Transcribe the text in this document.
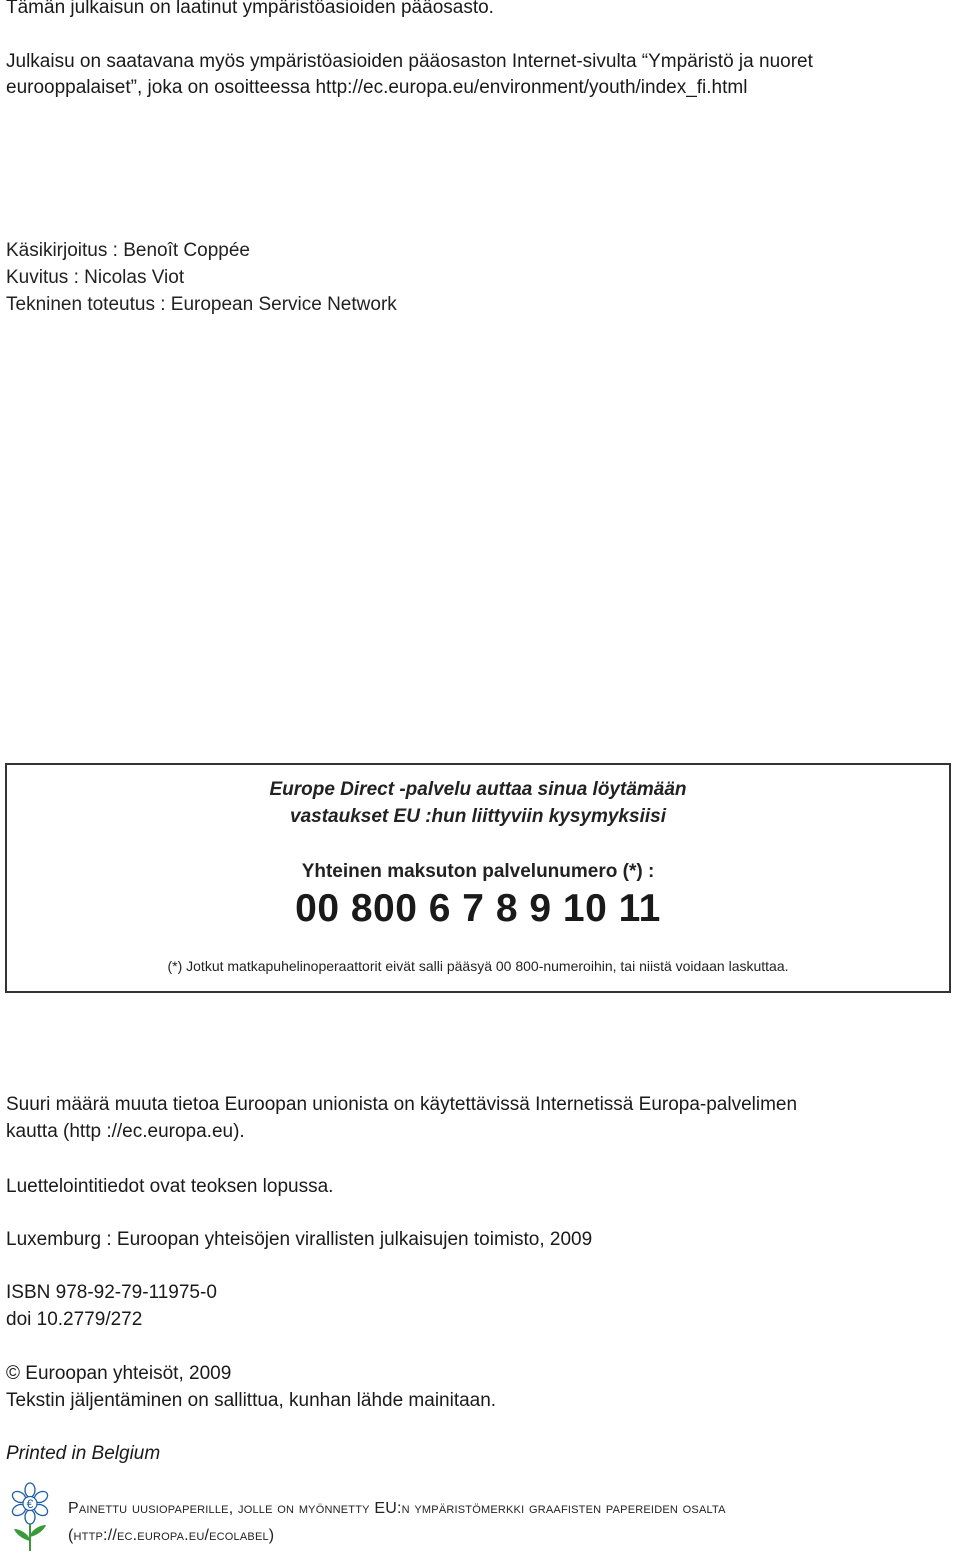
Tämän julkaisun on laatinut ympäristöasioiden pääosasto.

Julkaisu on saatavana myös ympäristöasioiden pääosaston Internet-sivulta “Ympäristö ja nuoret

eurooppalaiset”, joka on osoitteessa http://ec.europa.eu/environment/youth/index_fi.html

Käsikirjoitus : Benoît Coppée

Kuvitus : Nicolas Viot

Tekninen toteutus : European Service Network

Europe Direct -palvelu auttaa sinua löytämään

vastaukset EU :hun liittyviin kysymyksiisi

Yhteinen maksuton palvelunumero (*) :

00 800 6 7 8 9 10 11

(*) Jotkut matkapuhelinoperaattorit eivät salli pääsyä 00 800-numeroihin, tai niistä voidaan laskuttaa.

Suuri määrä muuta tietoa Euroopan unionista on käytettävissä Internetissä Europa-palvelimen

kautta (http ://ec.europa.eu).

Luettelointitiedot ovat teoksen lopussa.

Luxemburg : Euroopan yhteisöjen virallisten julkaisujen toimisto, 2009

ISBN 978-92-79-11975-0

doi 10.2779/272

© Euroopan yhteisöt, 2009

Tekstin jäljentäminen on sallittua, kunhan lähde mainitaan.

Printed in Belgium

€ Painettu uusiopaperille, jolle on myönnetty EU:n ympäristömerkki graafisten papereiden osalta

(http://ec.europa.eu/ecolabel)
